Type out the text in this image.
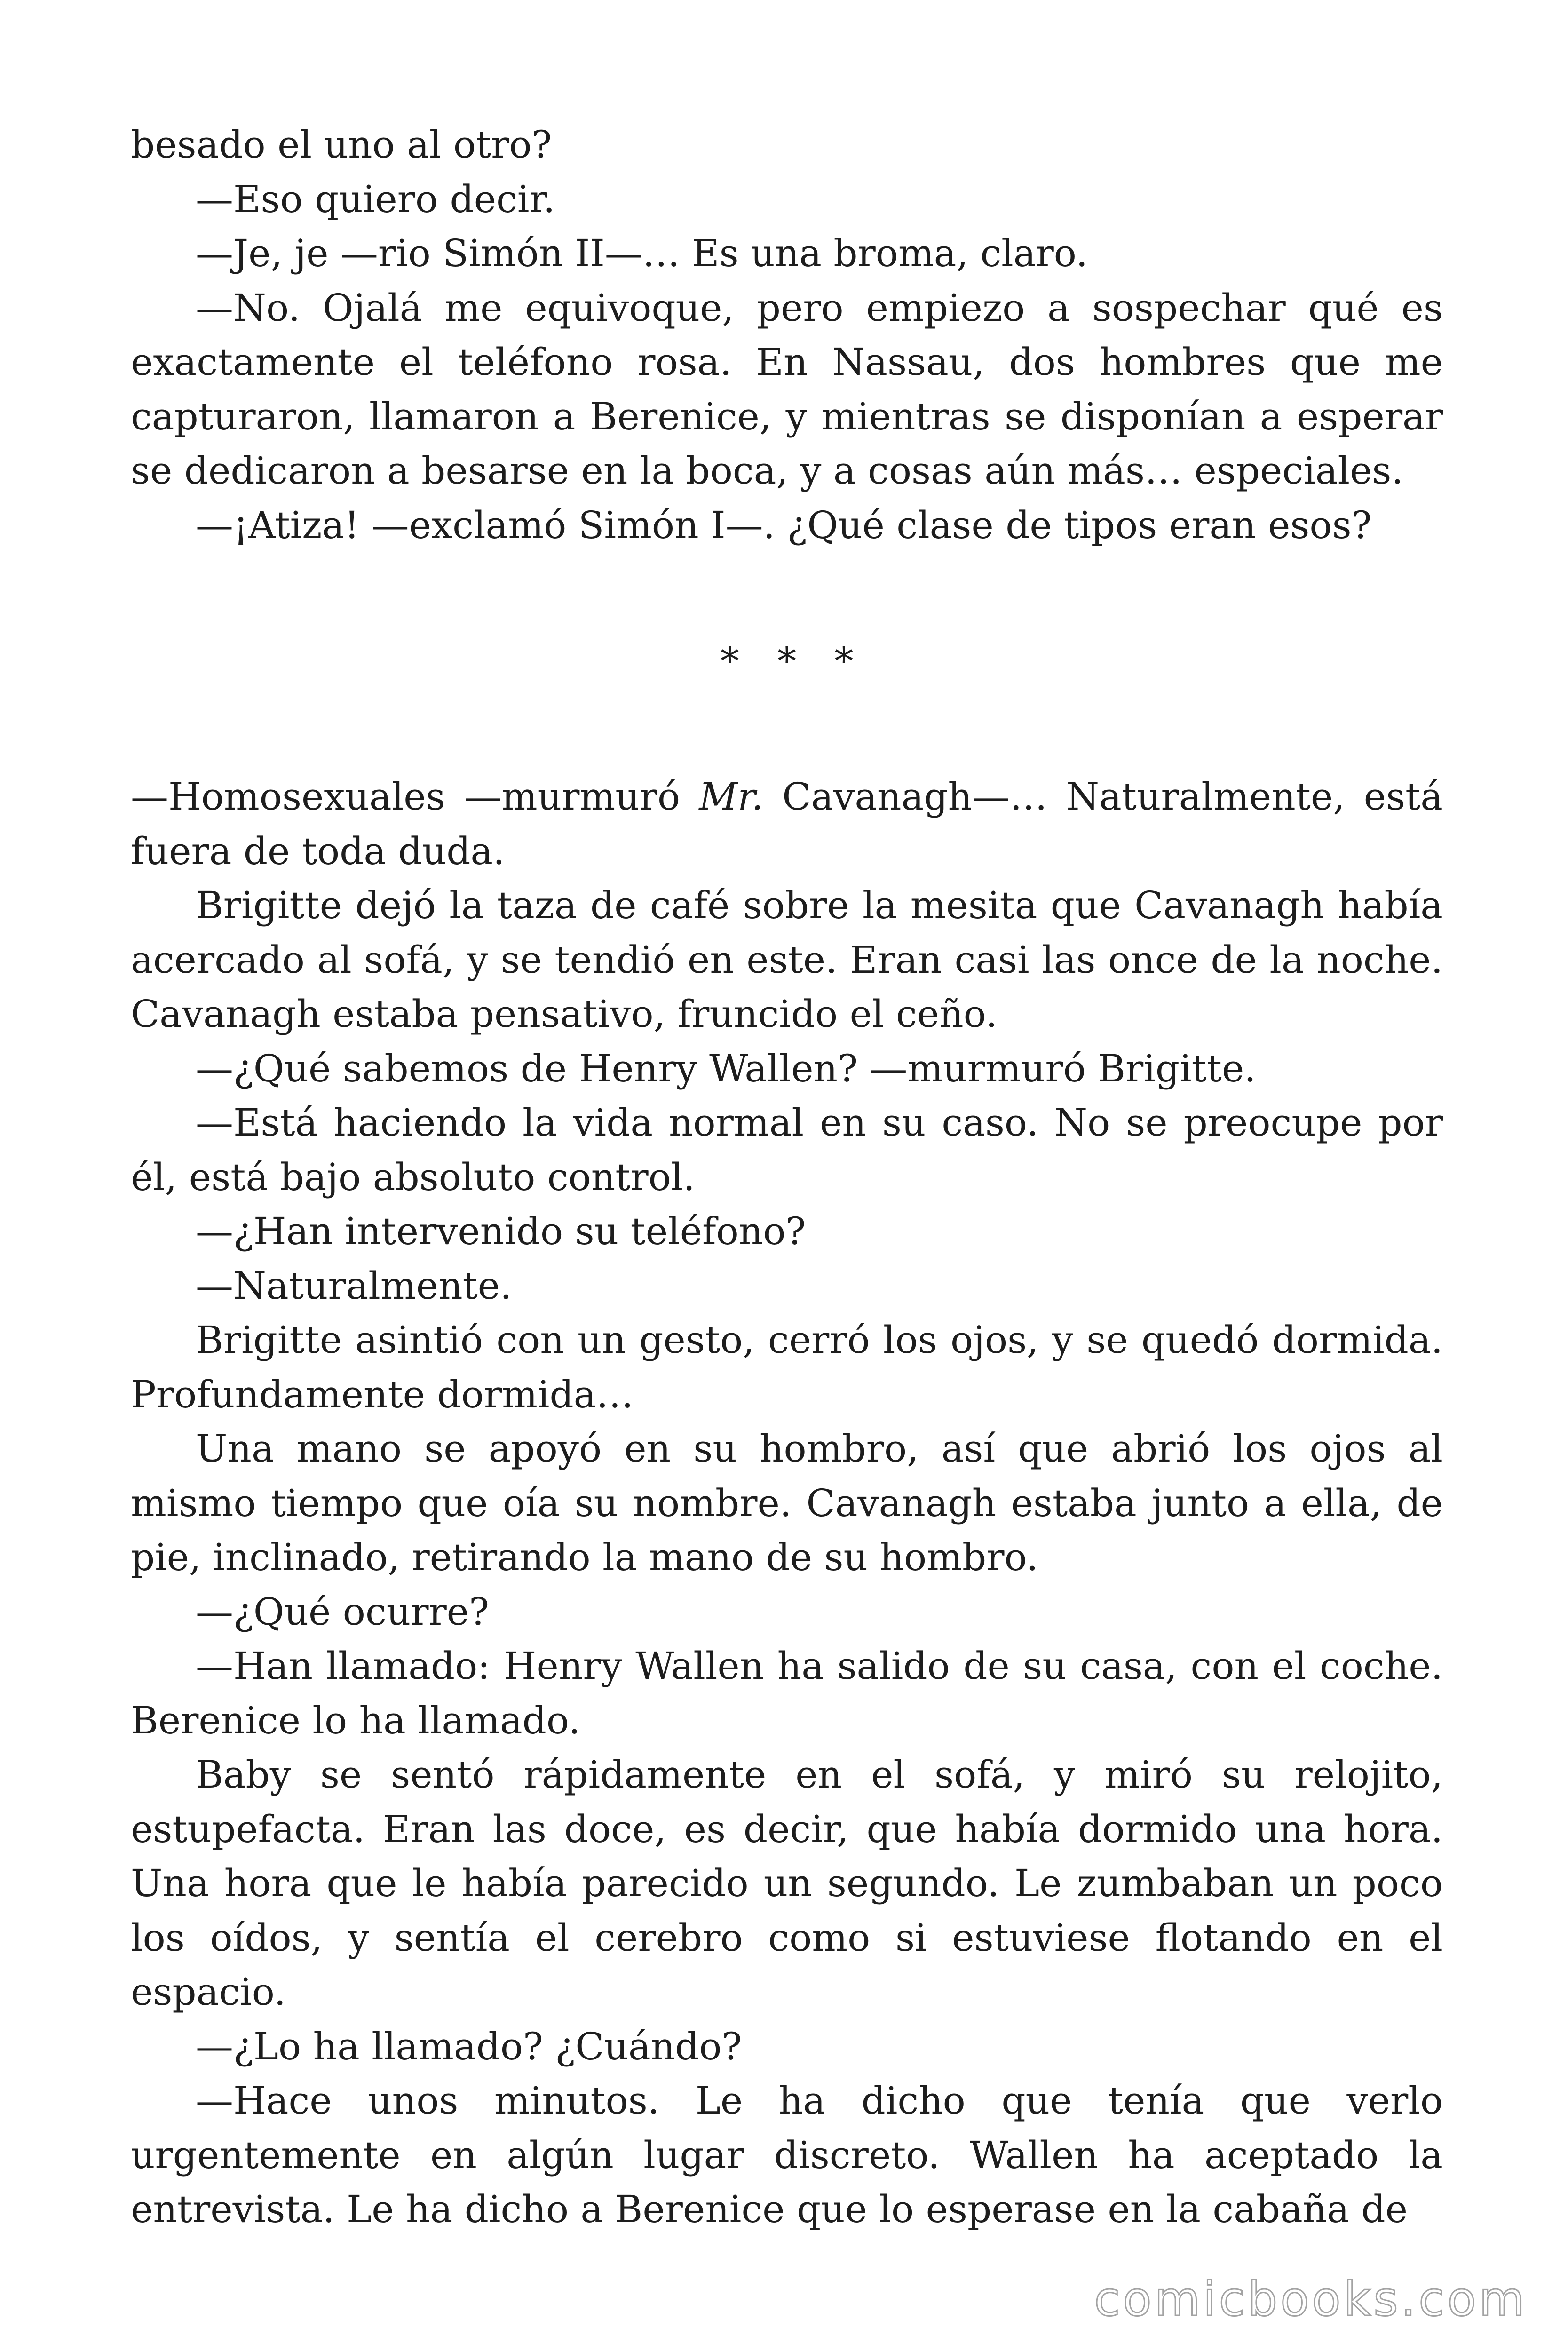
besado el uno al otro?

—Eso quiero decir.

—Je, je —rio Simón II—… Es una broma, claro.

—No. Ojalá me equivoque, pero empiezo a sospechar qué es exactamente el teléfono rosa. En Nassau, dos hombres que me capturaron, llamaron a Berenice, y mientras se disponían a esperar se dedicaron a besarse en la boca, y a cosas aún más… especiales.

—¡Atiza! —exclamó Simón I—. ¿Qué clase de tipos eran esos?

* * *

—Homosexuales —murmuró Mr. Cavanagh—… Naturalmente, está fuera de toda duda.

Brigitte dejó la taza de café sobre la mesita que Cavanagh había acercado al sofá, y se tendió en este. Eran casi las once de la noche. Cavanagh estaba pensativo, fruncido el ceño.

—¿Qué sabemos de Henry Wallen? —murmuró Brigitte.

—Está haciendo la vida normal en su caso. No se preocupe por él, está bajo absoluto control.

—¿Han intervenido su teléfono?

—Naturalmente.

Brigitte asintió con un gesto, cerró los ojos, y se quedó dormida. Profundamente dormida…

Una mano se apoyó en su hombro, así que abrió los ojos al mismo tiempo que oía su nombre. Cavanagh estaba junto a ella, de pie, inclinado, retirando la mano de su hombro.

—¿Qué ocurre?

—Han llamado: Henry Wallen ha salido de su casa, con el coche. Berenice lo ha llamado.

Baby se sentó rápidamente en el sofá, y miró su relojito, estupefacta. Eran las doce, es decir, que había dormido una hora. Una hora que le había parecido un segundo. Le zumbaban un poco los oídos, y sentía el cerebro como si estuviese flotando en el espacio.

—¿Lo ha llamado? ¿Cuándo?

—Hace unos minutos. Le ha dicho que tenía que verlo urgentemente en algún lugar discreto. Wallen ha aceptado la entrevista. Le ha dicho a Berenice que lo esperase en la cabaña de

comicbooks.com
